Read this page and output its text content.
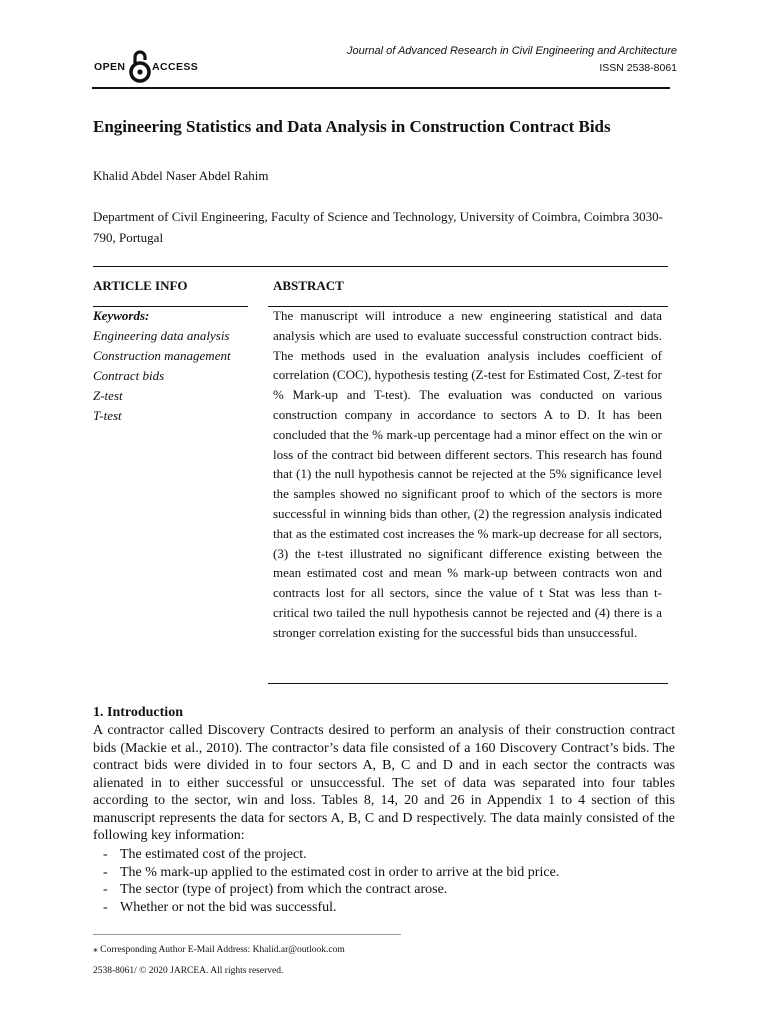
OPEN	ACCESS
Journal of Advanced Research in Civil Engineering and Architecture
ISSN 2538-8061
Engineering Statistics and Data Analysis in Construction Contract Bids
Khalid Abdel Naser Abdel Rahim
Department of Civil Engineering, Faculty of Science and Technology, University of Coimbra, Coimbra 3030-790, Portugal
ARTICLE INFO	ABSTRACT
Keywords:
Engineering data analysis
Construction management
Contract bids
Z-test
T-test

The manuscript will introduce a new engineering statistical and data analysis which are used to evaluate successful construction contract bids. The methods used in the evaluation analysis includes coefficient of correlation (COC), hypothesis testing (Z-test for Estimated Cost, Z-test for % Mark-up and T-test). The evaluation was conducted on various construction company in accordance to sectors A to D. It has been concluded that the % mark-up percentage had a minor effect on the win or loss of the contract bid between different sectors. This research has found that (1) the null hypothesis cannot be rejected at the 5% significance level the samples showed no significant proof to which of the sectors is more successful in winning bids than other, (2) the regression analysis indicated that as the estimated cost increases the % mark-up decrease for all sectors, (3) the t-test illustrated no significant difference existing between the mean estimated cost and mean % mark-up between contracts won and contracts lost for all sectors, since the value of t Stat was less than t-critical two tailed the null hypothesis cannot be rejected and (4) there is a stronger correlation existing for the successful bids than unsuccessful.

1. Introduction

A contractor called Discovery Contracts desired to perform an analysis of their construction contract bids (Mackie et al., 2010). The contractor’s data file consisted of a 160 Discovery Contract’s bids. The contract bids were divided in to four sectors A, B, C and D and in each sector the contracts was alienated in to either successful or unsuccessful. The set of data was separated into four tables according to the sector, win and loss. Tables 8, 14, 20 and 26 in Appendix 1 to 4 section of this manuscript represents the data for sectors A, B, C and D respectively. The data mainly consisted of the following key information:

- The estimated cost of the project.
- The % mark-up applied to the estimated cost in order to arrive at the bid price.
- The sector (type of project) from which the contract arose.
- Whether or not the bid was successful.
⁎ Corresponding Author E-Mail Address: Khalid.ar@outlook.com
2538-8061/ © 2020 JARCEA. All rights reserved.
